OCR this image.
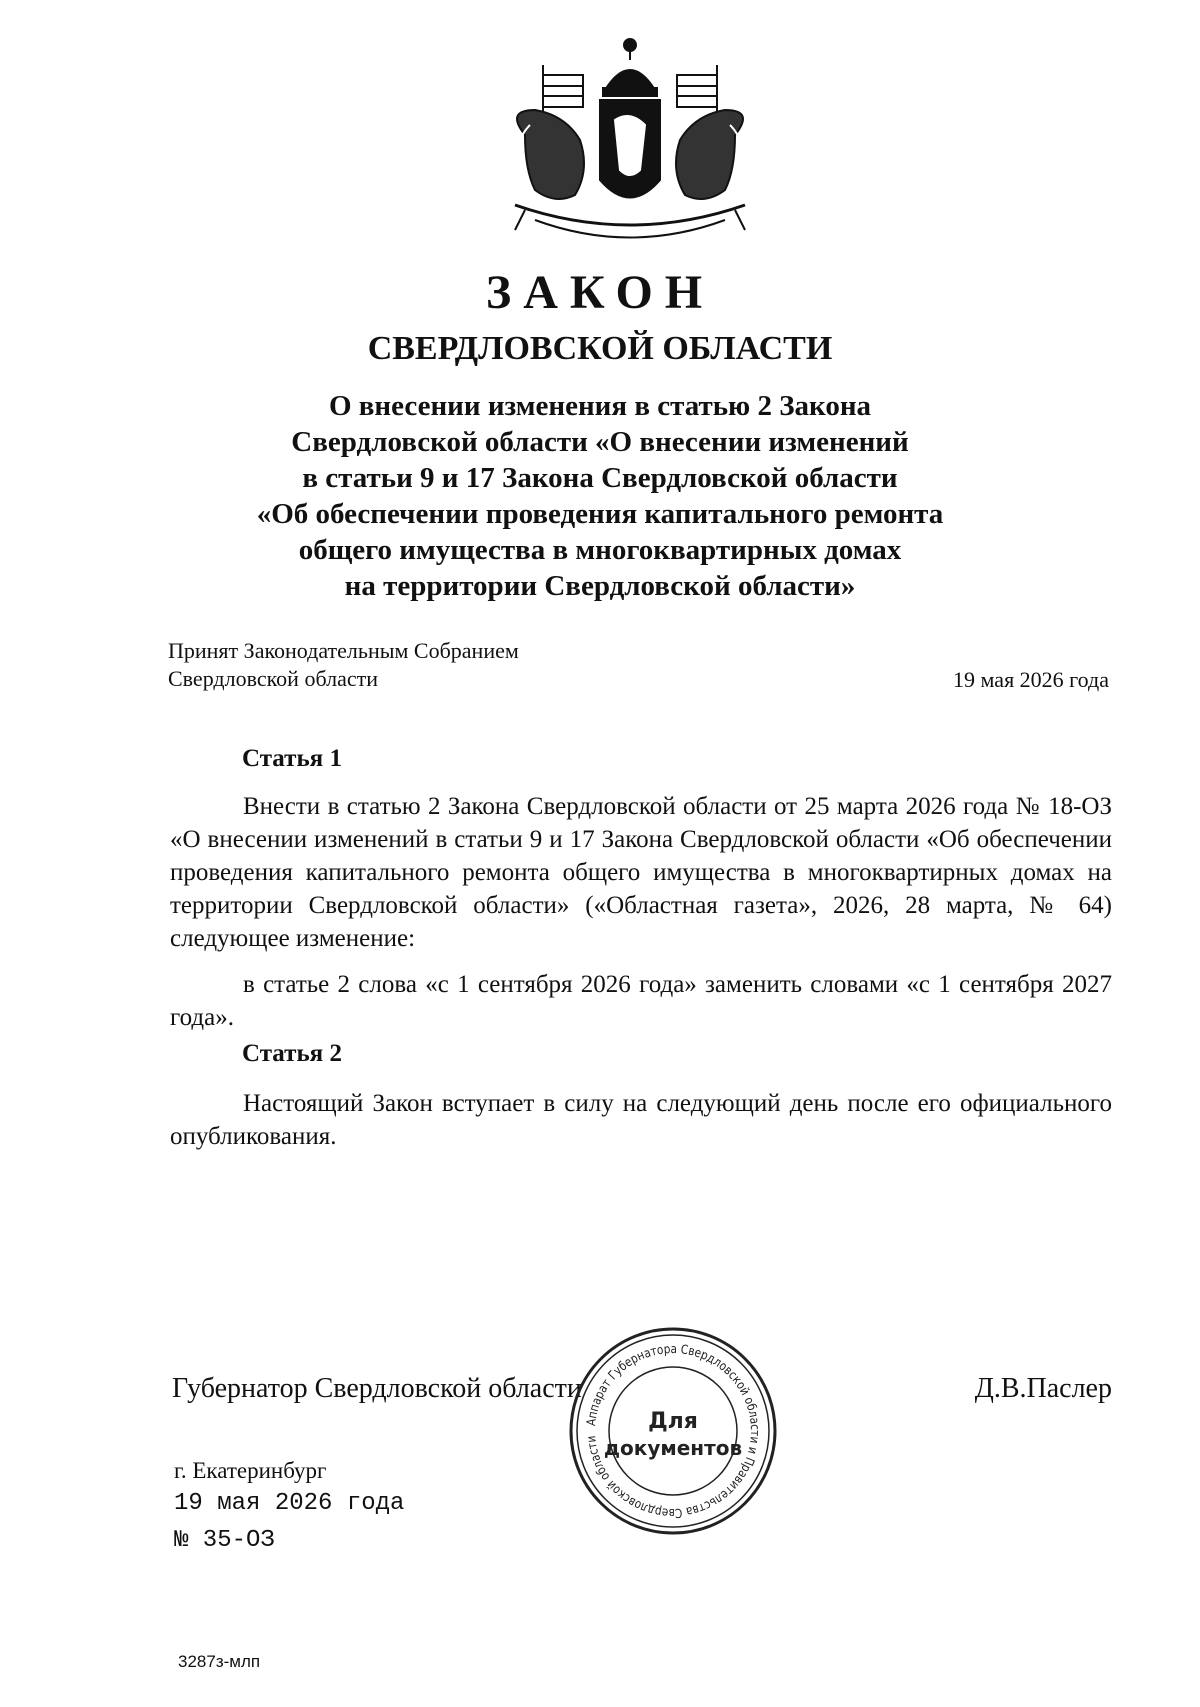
ЗАКОН
СВЕРДЛОВСКОЙ ОБЛАСТИ
О внесении изменения в статью 2 Закона
Свердловской области «О внесении изменений
в статьи 9 и 17 Закона Свердловской области
«Об обеспечении проведения капитального ремонта
общего имущества в многоквартирных домах
на территории Свердловской области»
Принят Законодательным Собранием
Свердловской области	19 мая 2026 года
Статья 1
Внести в статью 2 Закона Свердловской области от 25 марта 2026 года № 18-ОЗ «О внесении изменений в статьи 9 и 17 Закона Свердловской области «Об обеспечении проведения капитального ремонта общего имущества в многоквартирных домах на территории Свердловской области» («Областная газета», 2026, 28 марта, № 64) следующее изменение:
в статье 2 слова «с 1 сентября 2026 года» заменить словами «с 1 сентября 2027 года».
Статья 2
Настоящий Закон вступает в силу на следующий день после его официального опубликования.
Губернатор Свердловской области	Д.В.Паслер
Аппарат Губернатора Свердловской области и Правительства Свердловской области
Для
документов
г. Екатеринбург
19 мая 2026 года
№ 35-ОЗ
3287з-млп
